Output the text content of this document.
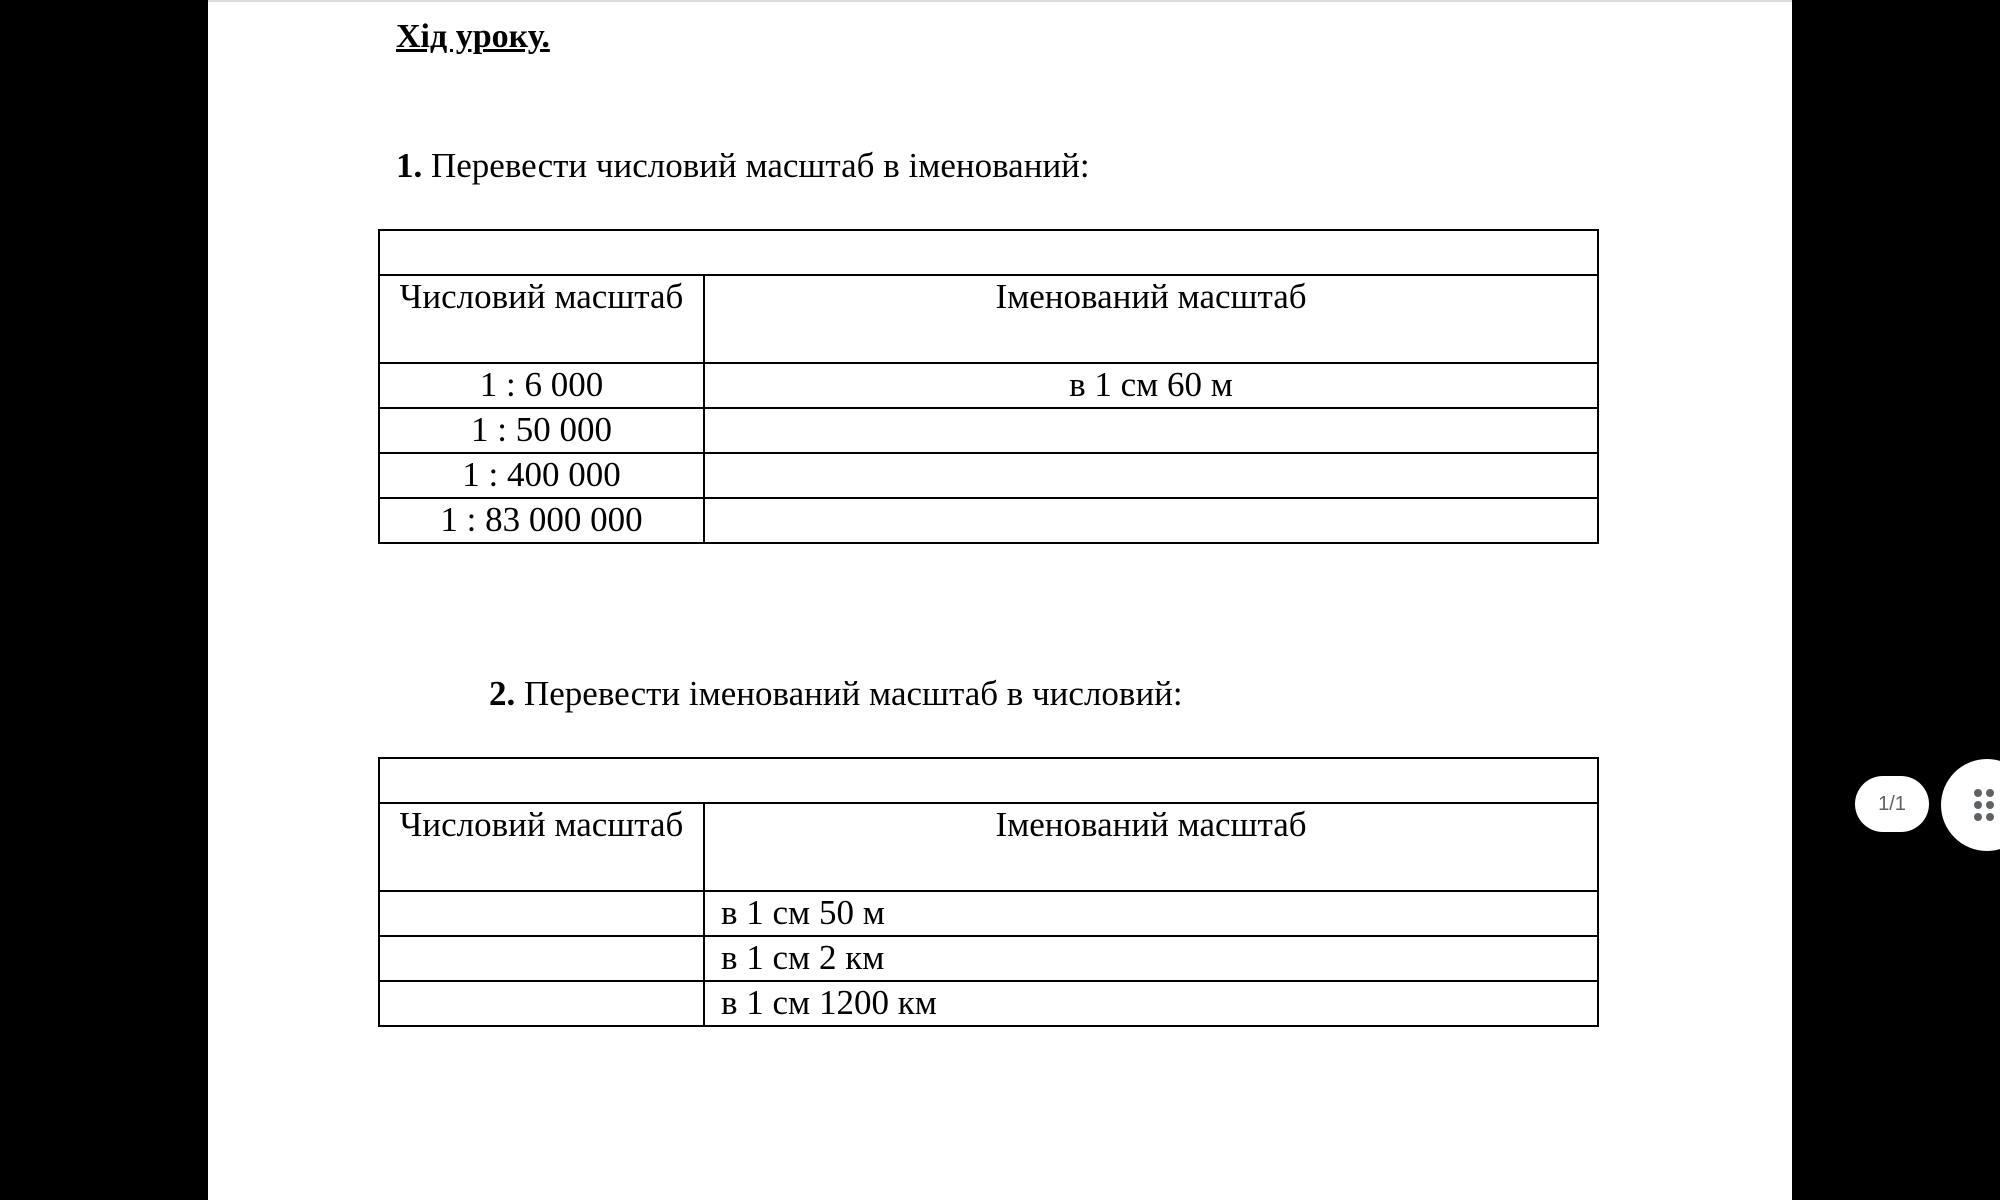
Хід уроку.

1. Перевести числовий масштаб в іменований:

Числовий масштаб	Іменований масштаб
1 : 6 000	в 1 см 60 м
1 : 50 000	
1 : 400 000	
1 : 83 000 000	

2. Перевести іменований масштаб в числовий:

Числовий масштаб	Іменований масштаб
	в 1 см 50 м
	в 1 см 2 км
	в 1 см 1200 км
1/1
